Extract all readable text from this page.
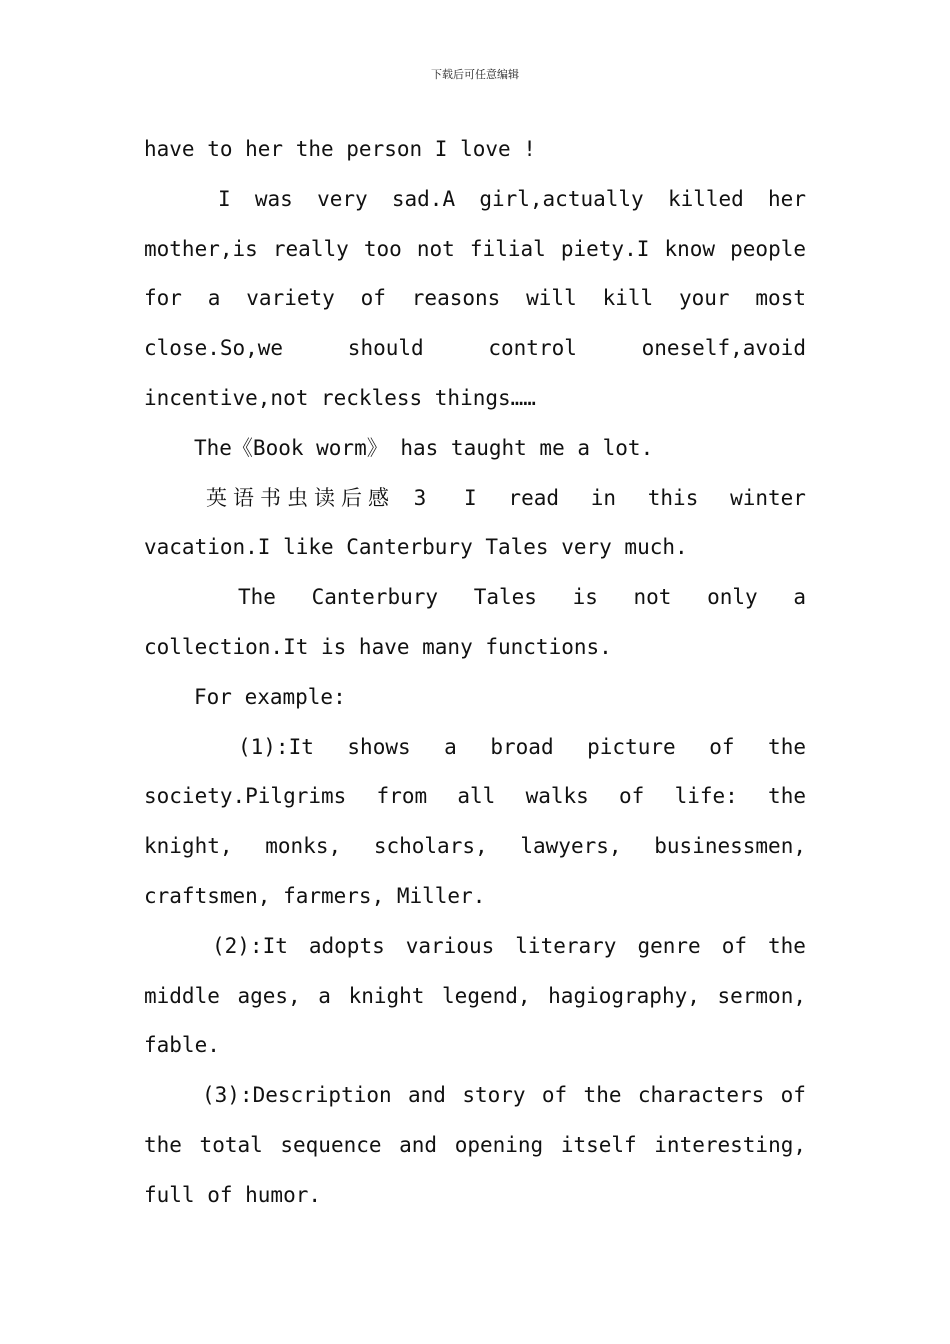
下载后可任意编辑
have to her the person I love !
I was very sad.A girl,actually killed her
mother,is really too not filial piety.I know people
for a variety of reasons will kill your most
close.So,we	should	control	oneself,avoid
incentive,not reckless things……
The《Book worm》 has taught me a lot.
英语书虫读后感 3 I read in this winter
vacation.I like Canterbury Tales very much.
The Canterbury Tales is not only a
collection.It is have many functions.
For example:
(1):It shows a broad picture of the
society.Pilgrims from all walks of life: the
knight, monks, scholars, lawyers, businessmen,
craftsmen, farmers, Miller.
(2):It adopts various literary genre of the
middle ages, a knight legend, hagiography, sermon,
fable.
(3):Description and story of the characters of
the total sequence and opening itself interesting,
full of humor.
